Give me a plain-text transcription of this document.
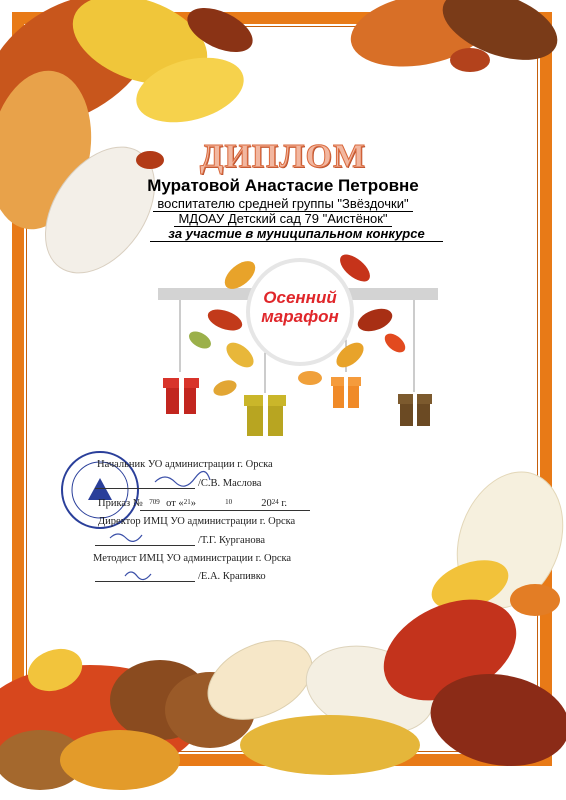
ДИПЛОМ
Муратовой Анастасие Петровне
воспитателю средней группы "Звёздочки"
МДОАУ Детский сад 79 "Аистёнок"
за участие в муниципальном конкурсе
Осенний
марафон
Начальник УО администрации г. Орска
/С.В. Маслова
Приказ № 709 от «$^{21}$»	10	$20^{24}$ г.
Директор ИМЦ УО администрации г. Орска
/Т.Г. Курганова
Методист ИМЦ УО администрации г. Орска
/Е.А. Крапивко
